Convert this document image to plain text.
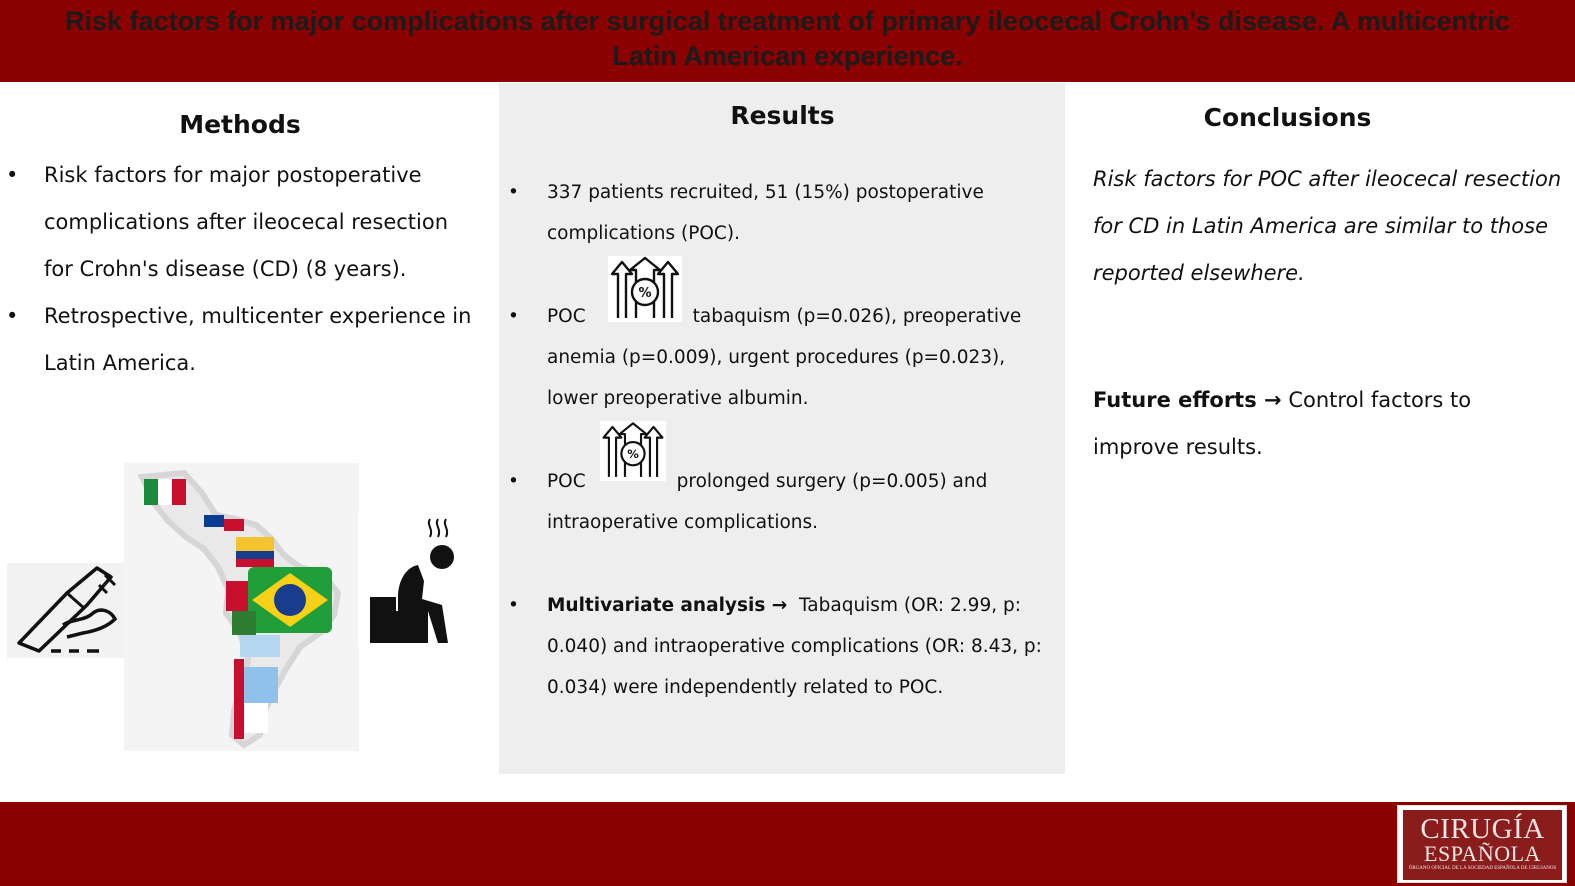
Risk factors for major complications after surgical treatment of primary ileocecal Crohn’s disease. A multicentric Latin American experience.
Methods
• Risk factors for major postoperative complications after ileocecal resection for Crohn's disease (CD) (8 years).
• Retrospective, multicenter experience in Latin America.
Results
• 337 patients recruited, 51 (15%) postoperative complications (POC).
%
• POC	tabaquism (p=0.026), preoperative anemia (p=0.009), urgent procedures (p=0.023), lower preoperative albumin.
%
• POC	prolonged surgery (p=0.005) and intraoperative complications.
• Multivariate analysis → Tabaquism (OR: 2.99, p: 0.040) and intraoperative complications (OR: 8.43, p: 0.034) were independently related to POC.
Conclusions
Risk factors for POC after ileocecal resection for CD in Latin America are similar to those reported elsewhere.
Future efforts → Control factors to improve results.
CIRUGÍA
ESPAÑOLA
ÓRGANO OFICIAL DE LA SOCIEDAD ESPAÑOLA DE CIRUJANOS
